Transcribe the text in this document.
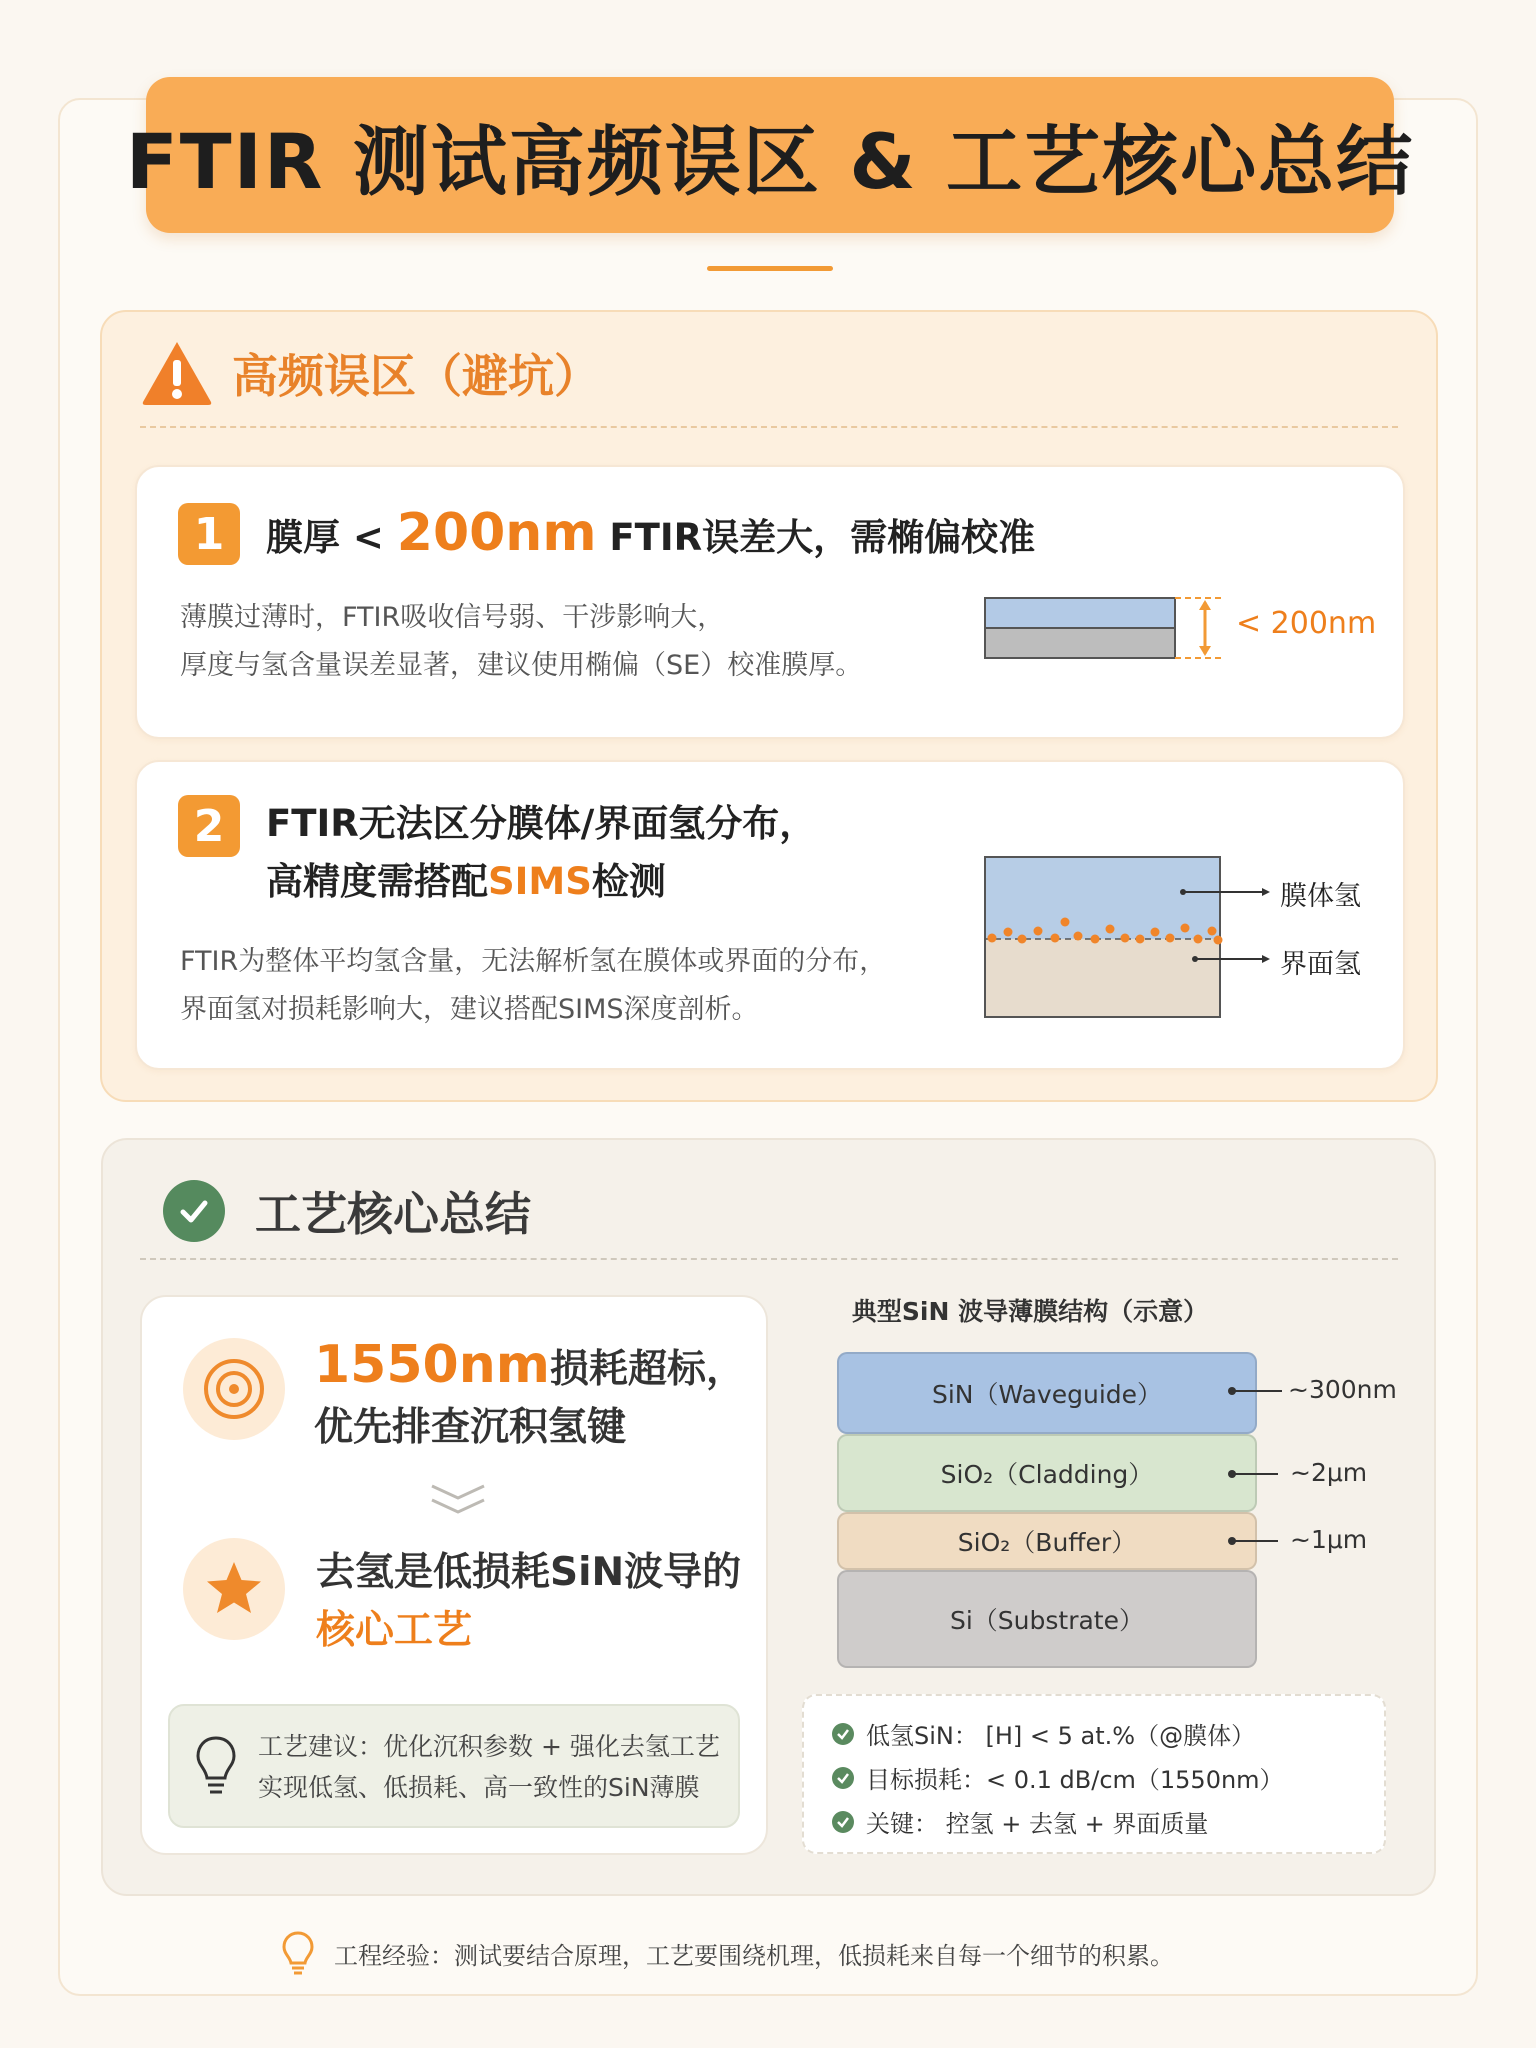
FTIR 测试高频误区 & 工艺核心总结
高频误区（避坑）
1	膜厚 < 200nm FTIR误差大，需椭偏校准
薄膜过薄时，FTIR吸收信号弱、干涉影响大，
厚度与氢含量误差显著，建议使用椭偏（SE）校准膜厚。
< 200nm
2	FTIR无法区分膜体/界面氢分布，
高精度需搭配SIMS检测
FTIR为整体平均氢含量，无法解析氢在膜体或界面的分布，
界面氢对损耗影响大，建议搭配SIMS深度剖析。
膜体氢
界面氢
工艺核心总结
1550nm损耗超标，
优先排查沉积氢键
去氢是低损耗SiN波导的
核心工艺
工艺建议：优化沉积参数 + 强化去氢工艺
实现低氢、低损耗、高一致性的SiN薄膜
典型SiN 波导薄膜结构（示意）
SiN（Waveguide）
SiO₂（Cladding）
SiO₂（Buffer）
Si（Substrate）
~300nm
~2μm
~1μm
低氢SiN： [H] < 5 at.%（@膜体）
目标损耗：< 0.1 dB/cm（1550nm）
关键： 控氢 + 去氢 + 界面质量
工程经验：测试要结合原理，工艺要围绕机理，低损耗来自每一个细节的积累。
